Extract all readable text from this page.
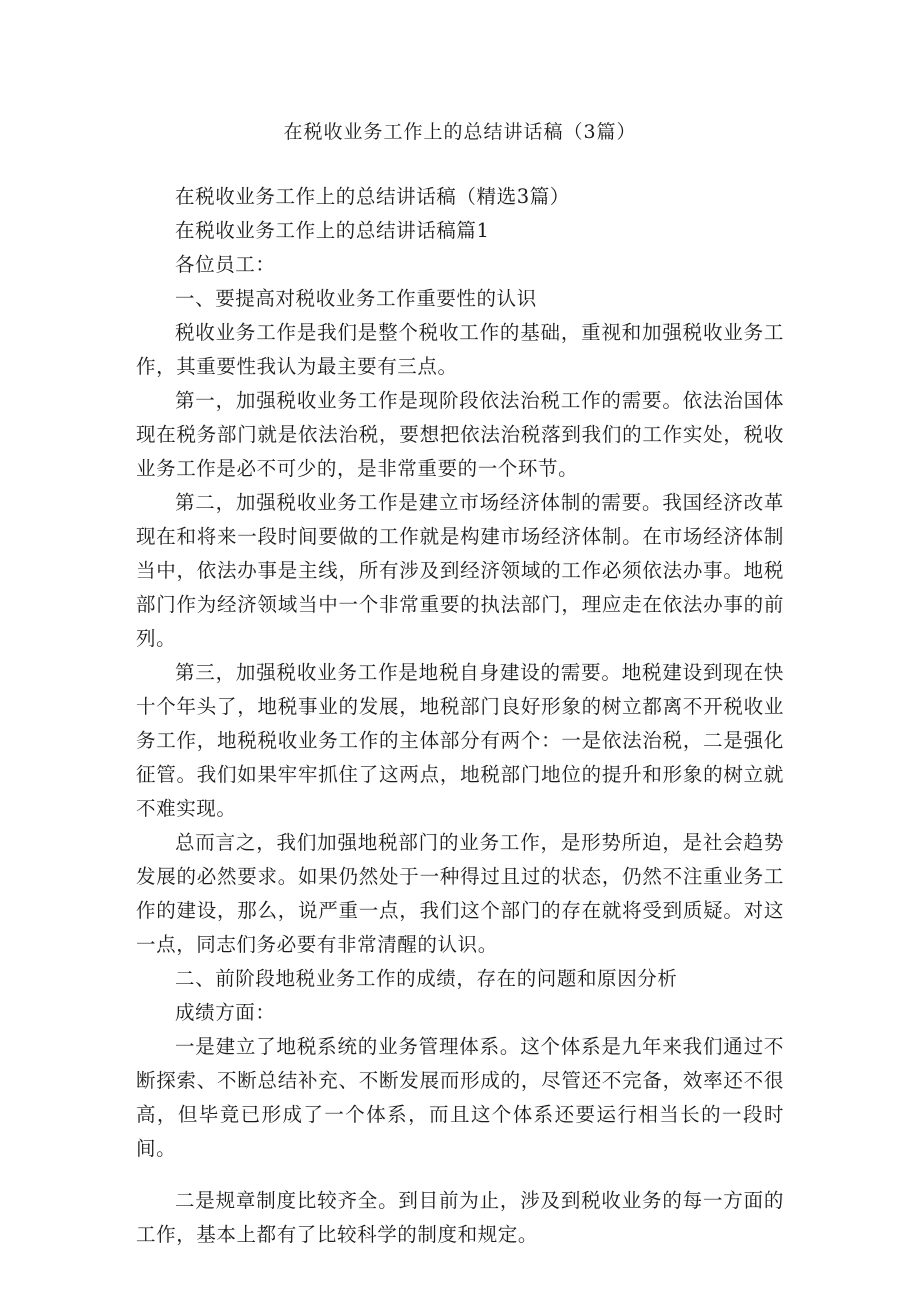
在税收业务工作上的总结讲话稿（3篇）

在税收业务工作上的总结讲话稿（精选3篇）

在税收业务工作上的总结讲话稿篇1

各位员工：

一、要提高对税收业务工作重要性的认识

税收业务工作是我们是整个税收工作的基础，重视和加强税收业务工作，其重要性我认为最主要有三点。

第一，加强税收业务工作是现阶段依法治税工作的需要。依法治国体现在税务部门就是依法治税，要想把依法治税落到我们的工作实处，税收业务工作是必不可少的，是非常重要的一个环节。

第二，加强税收业务工作是建立市场经济体制的需要。我国经济改革现在和将来一段时间要做的工作就是构建市场经济体制。在市场经济体制当中，依法办事是主线，所有涉及到经济领域的工作必须依法办事。地税部门作为经济领域当中一个非常重要的执法部门，理应走在依法办事的前列。

第三，加强税收业务工作是地税自身建设的需要。地税建设到现在快十个年头了，地税事业的发展，地税部门良好形象的树立都离不开税收业务工作，地税税收业务工作的主体部分有两个：一是依法治税，二是强化征管。我们如果牢牢抓住了这两点，地税部门地位的提升和形象的树立就不难实现。

总而言之，我们加强地税部门的业务工作，是形势所迫，是社会趋势发展的必然要求。如果仍然处于一种得过且过的状态，仍然不注重业务工作的建设，那么，说严重一点，我们这个部门的存在就将受到质疑。对这一点，同志们务必要有非常清醒的认识。

二、前阶段地税业务工作的成绩，存在的问题和原因分析

成绩方面：

一是建立了地税系统的业务管理体系。这个体系是九年来我们通过不断探索、不断总结补充、不断发展而形成的，尽管还不完备，效率还不很高，但毕竟已形成了一个体系，而且这个体系还要运行相当长的一段时间。

二是规章制度比较齐全。到目前为止，涉及到税收业务的每一方面的工作，基本上都有了比较科学的制度和规定。
